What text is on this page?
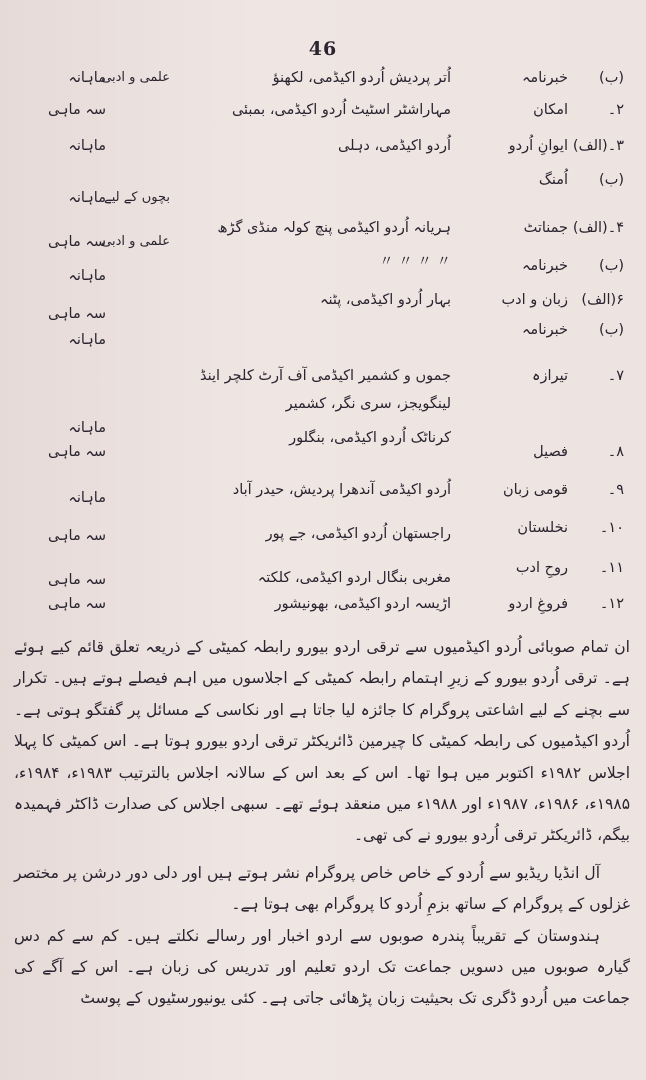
46
(ب)
خبرنامہ
اُتر پردیش اُردو اکیڈمی، لکھنؤ
علمی و ادبی
ماہانہ
۲۔
امکان
مہاراشٹر اسٹیٹ اُردو اکیڈمی، بمبئی
سہ ماہی
۳۔(الف)
ایوانِ اُردو
اُردو اکیڈمی، دہلی
ماہانہ
(ب)
اُمنگ
بچوں کے لیے
ماہانہ
۴۔(الف)
جمناتٹ
ہریانہ اُردو اکیڈمی پنچ کولہ منڈی گڑھ
علمی و ادبی
سہ ماہی
(ب)
خبرنامہ
〃 〃 〃 〃
ماہانہ
۶(الف)
زبان و ادب
بہار اُردو اکیڈمی، پٹنہ
سہ ماہی
(ب)
خبرنامہ
ماہانہ
۷۔
تیرازہ
جموں و کشمیر اکیڈمی آف آرٹ کلچر اینڈ
لینگویجز، سری نگر، کشمیر
ماہانہ
۸۔
فصیل
کرناٹک اُردو اکیڈمی، بنگلور
سہ ماہی
۹۔
قومی زبان
اُردو اکیڈمی آندھرا پردیش، حیدر آباد
ماہانہ
۱۰۔
نخلستان
راجستھان اُردو اکیڈمی، جے پور
سہ ماہی
۱۱۔
روحِ ادب
مغربی بنگال اردو اکیڈمی، کلکتہ
سہ ماہی
۱۲۔
فروغِ اردو
اڑیسہ اردو اکیڈمی، بھونیشور
سہ ماہی

ان تمام صوبائی اُردو اکیڈمیوں سے ترقی اردو بیورو رابطہ کمیٹی کے ذریعہ تعلق قائم کیے ہوئے ہے۔ ترقی اُردو بیورو کے زیرِ اہتمام رابطہ کمیٹی کے اجلاسوں میں اہم فیصلے ہوتے ہیں۔ تکرار سے بچنے کے لیے اشاعتی پروگرام کا جائزہ لیا جاتا ہے اور نکاسی کے مسائل پر گفتگو ہوتی ہے۔ اُردو اکیڈمیوں کی رابطہ کمیٹی کا چیرمین ڈائریکٹر ترقی اردو بیورو ہوتا ہے۔ اس کمیٹی کا پہلا اجلاس ۱۹۸۲ء اکتوبر میں ہوا تھا۔ اس کے بعد اس کے سالانہ اجلاس بالترتیب ۱۹۸۳ء، ۱۹۸۴ء، ۱۹۸۵ء، ۱۹۸۶ء، ۱۹۸۷ء اور ۱۹۸۸ء میں منعقد ہوئے تھے۔ سبھی اجلاس کی صدارت ڈاکٹر فہمیدہ بیگم، ڈائریکٹر ترقی اُردو بیورو نے کی تھی۔

آل انڈیا ریڈیو سے اُردو کے خاص خاص پروگرام نشر ہوتے ہیں اور دلی دور درشن پر مختصر غزلوں کے پروگرام کے ساتھ بزمِ اُردو کا پروگرام بھی ہوتا ہے۔

ہندوستان کے تقریباً پندرہ صوبوں سے اردو اخبار اور رسالے نکلتے ہیں۔ کم سے کم دس گیارہ صوبوں میں دسویں جماعت تک اردو تعلیم اور تدریس کی زبان ہے۔ اس کے آگے کی جماعت میں اُردو ڈگری تک بحیثیت زبان پڑھائی جاتی ہے۔ کئی یونیورسٹیوں کے پوسٹ
